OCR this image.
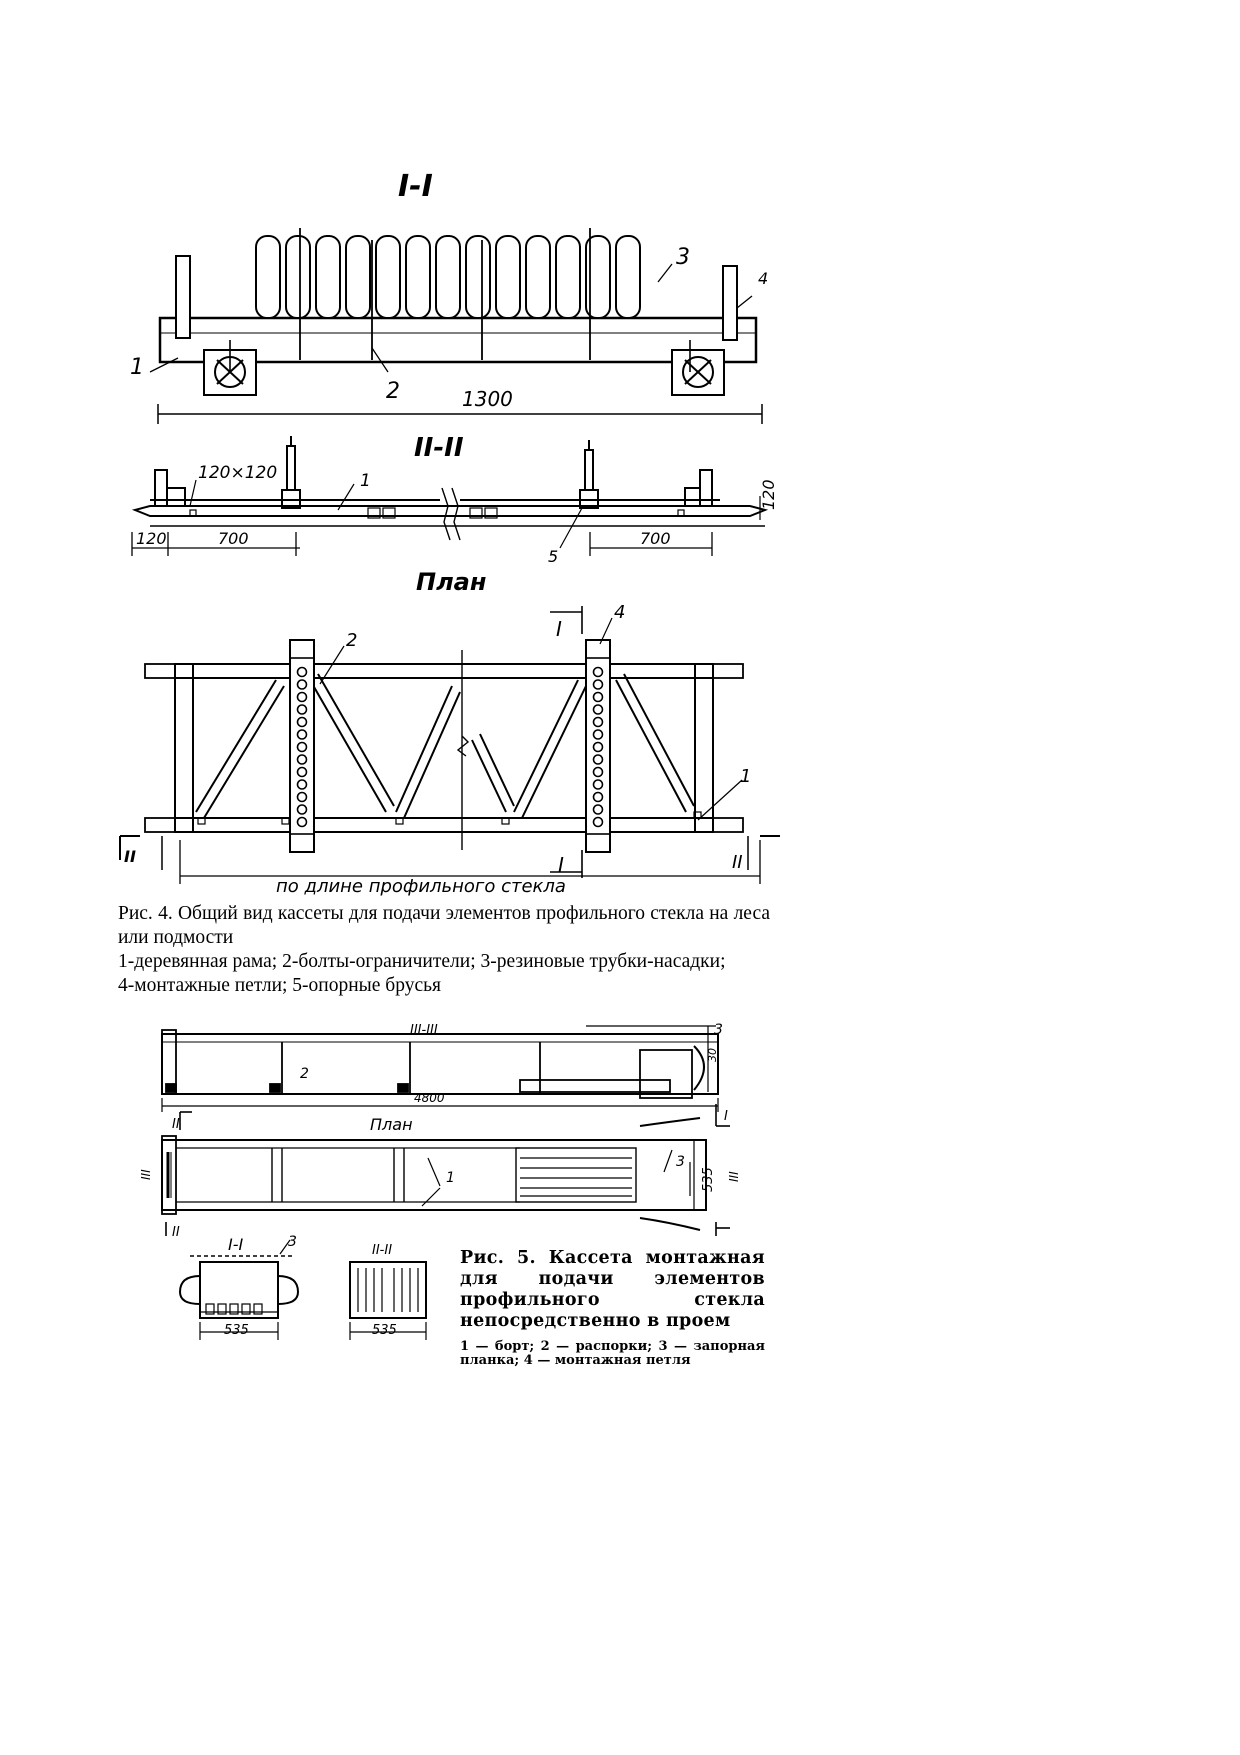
I-I
1
2
3
4
1300
II-II
120×120	1
120	700	700
5
120
План
2
4
1
I
I
II	II
по длине профильного стекла

Рис. 4. Общий вид кассеты для подачи элементов профильного стекла на леса или подмости

1-деревянная рама; 2-болты-ограничители; 3-резиновые трубки-насадки;

4-монтажные петли; 5-опорные брусья

III-III
2
3
30
4800
II	План	I
III	III
535
1
3
II
I-I	3
535
II-II
535

Рис. 5. Кассета монтажная для подачи элементов профильного стекла непосредственно в проем

1 — борт; 2 — распорки; 3 — запорная планка; 4 — монтажная петля
